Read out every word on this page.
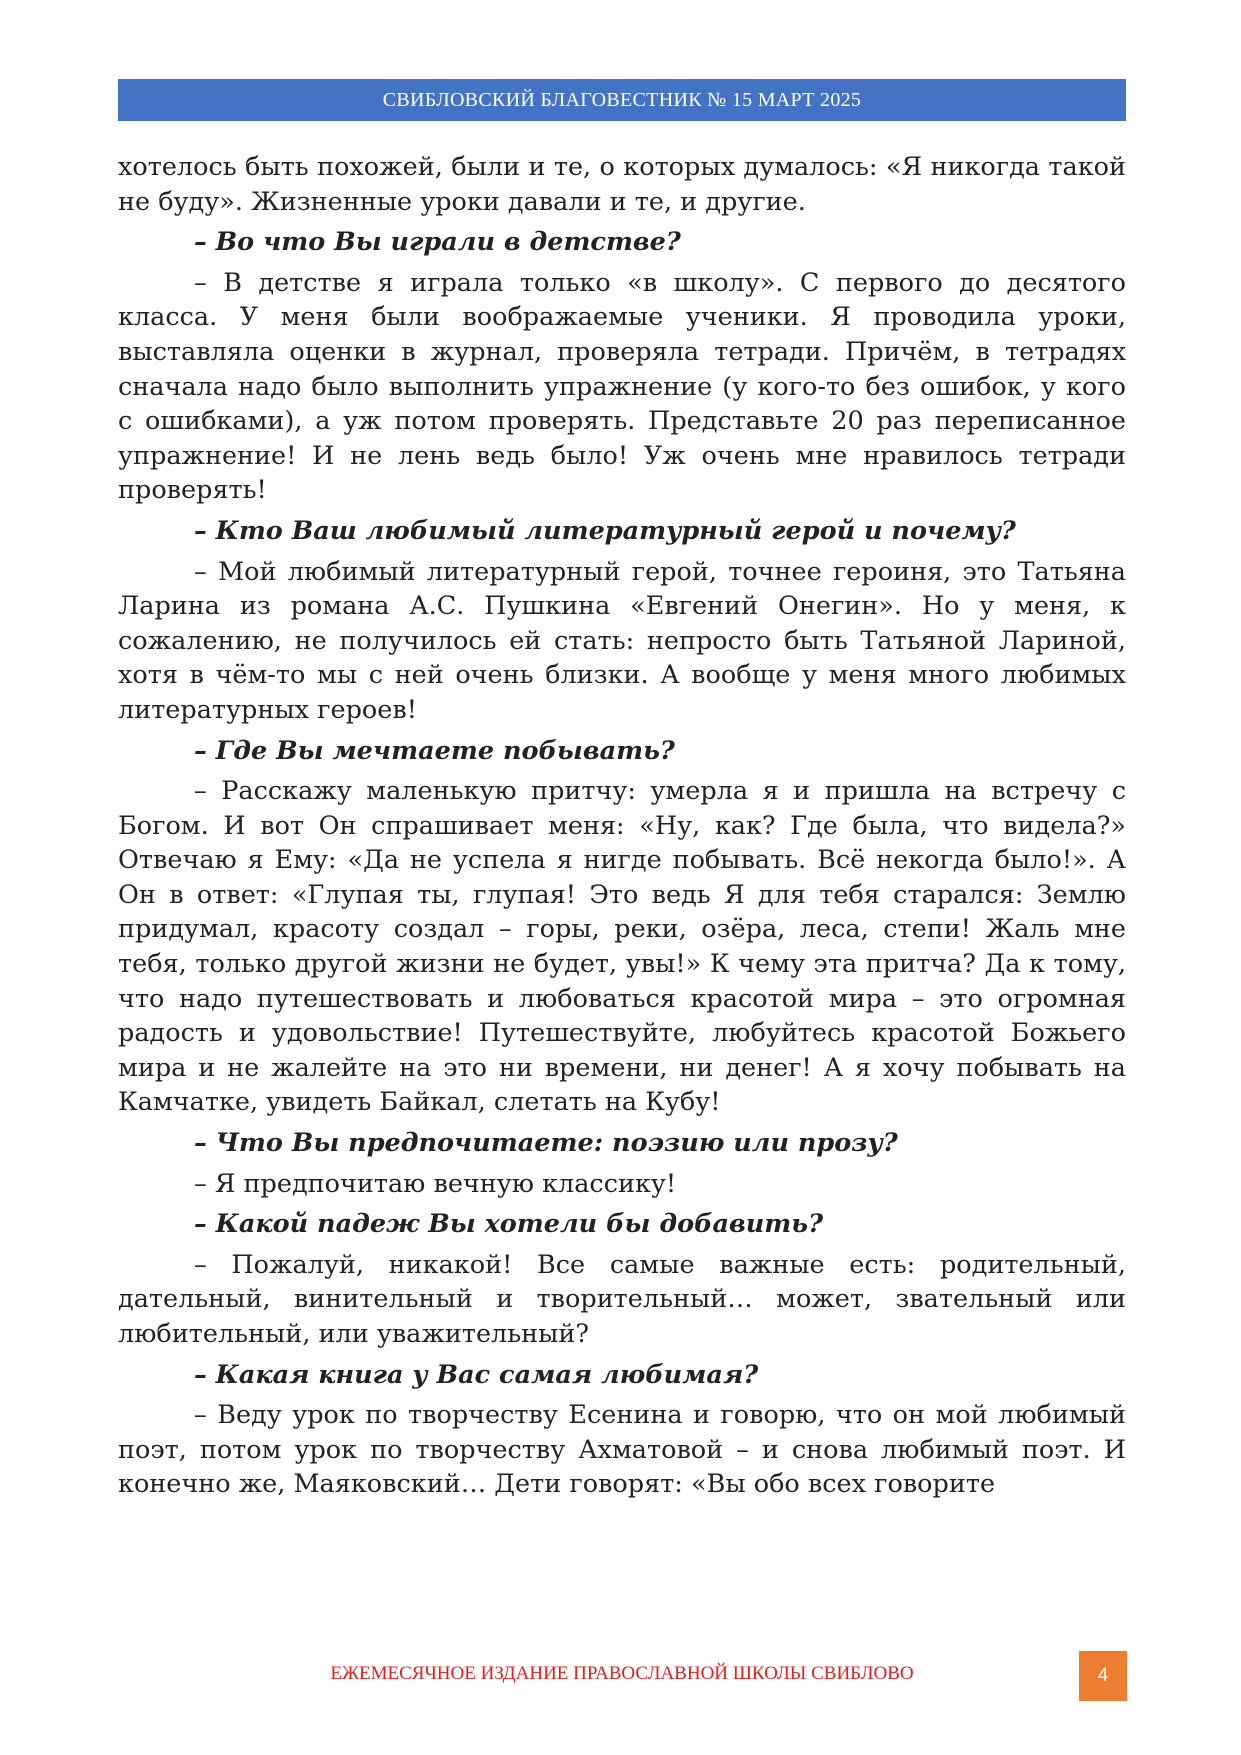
СВИБЛОВСКИЙ БЛАГОВЕСТНИК № 15 МАРТ 2025

хотелось быть похожей, были и те, о которых думалось: «Я никогда такой не буду». Жизненные уроки давали и те, и другие.

– Во что Вы играли в детстве?

– В детстве я играла только «в школу». С первого до десятого класса. У меня были воображаемые ученики. Я проводила уроки, выставляла оценки в журнал, проверяла тетради. Причём, в тетрадях сначала надо было выполнить упражнение (у кого-то без ошибок, у кого с ошибками), а уж потом проверять. Представьте 20 раз переписанное упражнение! И не лень ведь было! Уж очень мне нравилось тетради проверять!

– Кто Ваш любимый литературный герой и почему?

– Мой любимый литературный герой, точнее героиня, это Татьяна Ларина из романа А.С. Пушкина «Евгений Онегин». Но у меня, к сожалению, не получилось ей стать: непросто быть Татьяной Лариной, хотя в чём-то мы с ней очень близки. А вообще у меня много любимых литературных героев!

– Где Вы мечтаете побывать?

– Расскажу маленькую притчу: умерла я и пришла на встречу с Богом. И вот Он спрашивает меня: «Ну, как? Где была, что видела?» Отвечаю я Ему: «Да не успела я нигде побывать. Всё некогда было!». А Он в ответ: «Глупая ты, глупая! Это ведь Я для тебя старался: Землю придумал, красоту создал – горы, реки, озёра, леса, степи! Жаль мне тебя, только другой жизни не будет, увы!» К чему эта притча? Да к тому, что надо путешествовать и любоваться красотой мира – это огромная радость и удовольствие! Путешествуйте, любуйтесь красотой Божьего мира и не жалейте на это ни времени, ни денег! А я хочу побывать на Камчатке, увидеть Байкал, слетать на Кубу!

– Что Вы предпочитаете: поэзию или прозу?

– Я предпочитаю вечную классику!

– Какой падеж Вы хотели бы добавить?

– Пожалуй, никакой! Все самые важные есть: родительный, дательный, винительный и творительный… может, звательный или любительный, или уважительный?

– Какая книга у Вас самая любимая?

– Веду урок по творчеству Есенина и говорю, что он мой любимый поэт, потом урок по творчеству Ахматовой – и снова любимый поэт. И конечно же, Маяковский… Дети говорят: «Вы обо всех говорите

ЕЖЕМЕСЯЧНОЕ ИЗДАНИЕ ПРАВОСЛАВНОЙ ШКОЛЫ СВИБЛОВО	4
